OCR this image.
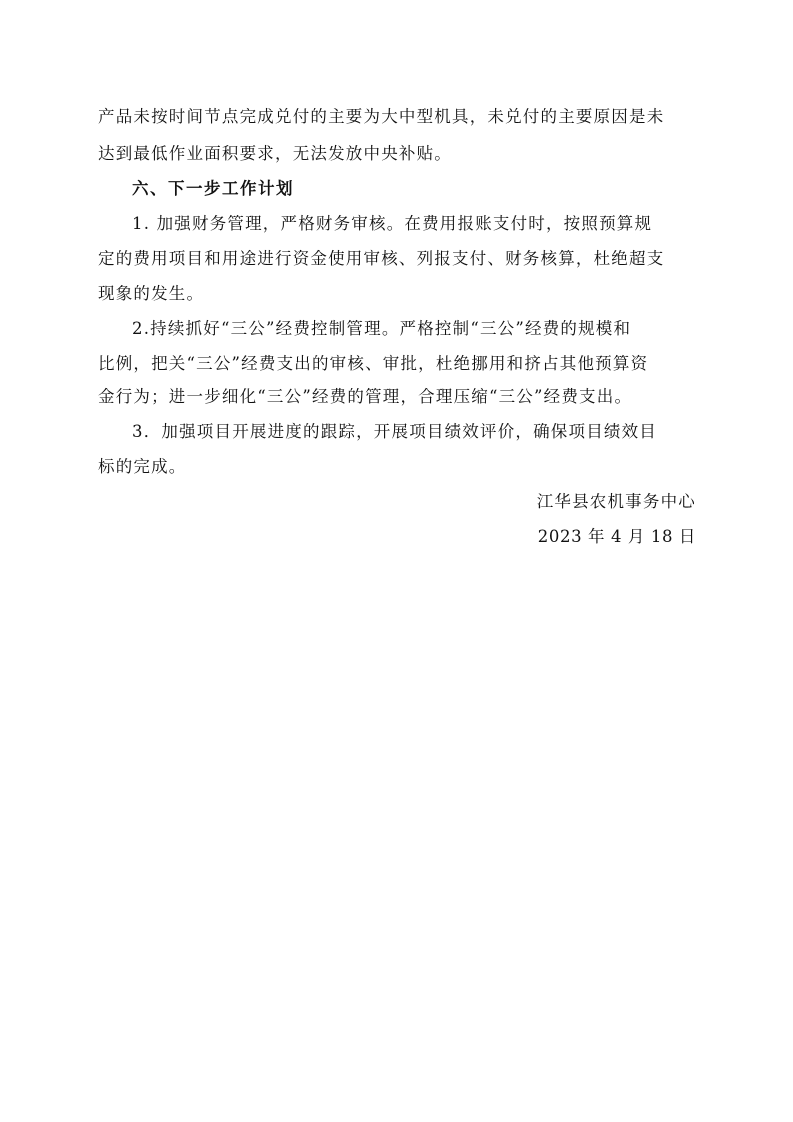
产品未按时间节点完成兑付的主要为大中型机具，未兑付的主要原因是未
达到最低作业面积要求，无法发放中央补贴。
六、下一步工作计划
1. 加强财务管理，严格财务审核。在费用报账支付时，按照预算规
定的费用项目和用途进行资金使用审核、列报支付、财务核算，杜绝超支
现象的发生。
2.持续抓好“三公”经费控制管理。严格控制“三公”经费的规模和
比例，把关“三公”经费支出的审核、审批，杜绝挪用和挤占其他预算资
金行为；进一步细化“三公”经费的管理，合理压缩“三公”经费支出。
3．加强项目开展进度的跟踪，开展项目绩效评价，确保项目绩效目
标的完成。
江华县农机事务中心
2023 年 4 月 18 日
